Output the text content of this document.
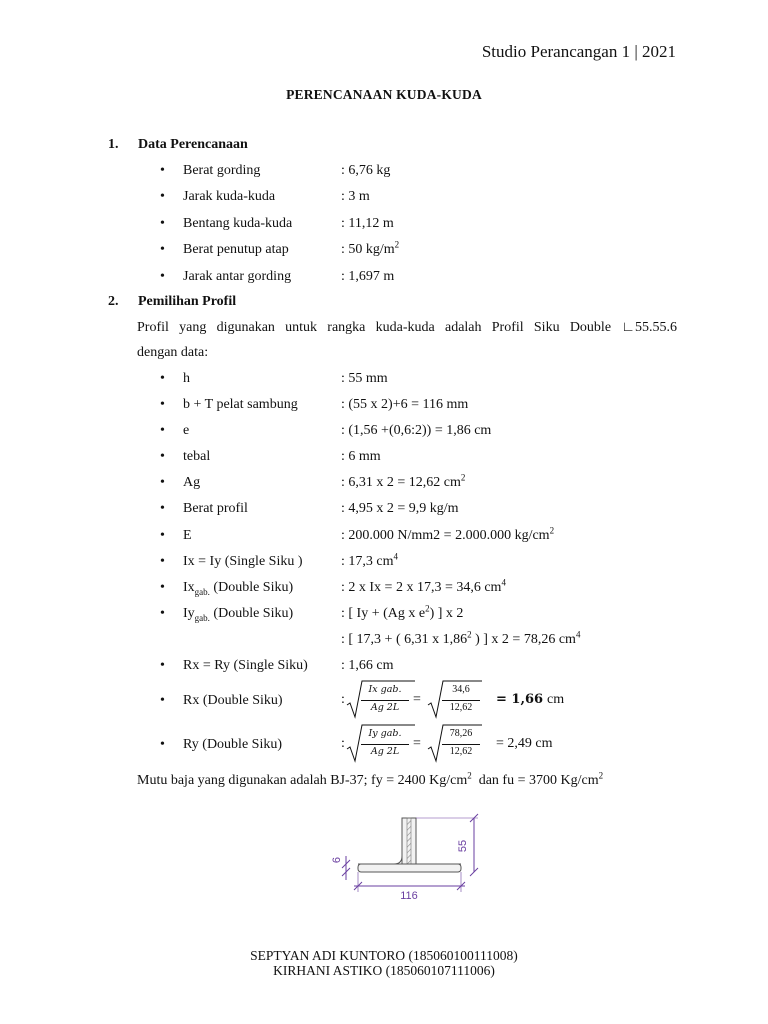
Studio Perancangan 1 | 2021
PERENCANAAN KUDA-KUDA
1. Data Perencanaan
• Berat gording	: 6,76 kg
• Jarak kuda-kuda	: 3 m
• Bentang kuda-kuda	: 11,12 m
• Berat penutup atap	: 50 $kg/m^2$
• Jarak antar gording	: 1,697 m
2. Pemilihan Profil
Profil yang digunakan untuk rangka kuda-kuda adalah Profil Siku Double ∟55.55.6
dengan data:
• h	: 55 mm
• b + T pelat sambung	: (55 x 2)+6 = 116 mm
• e	: (1,56 +(0,6:2)) = 1,86 cm
• tebal	: 6 mm
• Ag	: 6,31 x 2 = 12,62 $cm^2$
• Berat profil	: 4,95 x 2 = 9,9 kg/m
• E	: 200.000 N/mm2 = 2.000.000 $kg/cm^2$
• Ix = Iy (Single Siku )	: 17,3 $cm^4$
• $Ix_{gab.}$ (Double Siku)	: 2 x Ix = 2 x 17,3 = 34,6 $cm^4$
• $Iy_{gab.}$ (Double Siku)	: [ Iy + (Ag x $e^2$) ] x 2
: [ 17,3 + ( 6,31 x 1,86$^2$ ) ] x 2 = 78,26 $cm^4$
• Rx = Ry (Single Siku) : 1,66 cm
• Rx (Double Siku)	:
Ix gab.
Ag 2L
=
34,6
12,62
= 1,66 cm
• Ry (Double Siku)	:
Iy gab.
Ag 2L
=
78,26
12,62
= 2,49 cm
Mutu baja yang digunakan adalah BJ-37; fy = 2400 $Kg/cm^2$  dan fu = 3700 $Kg/cm^2$
55
6
116
SEPTYAN ADI KUNTORO (185060100111008)
KIRHANI ASTIKO (185060107111006)
